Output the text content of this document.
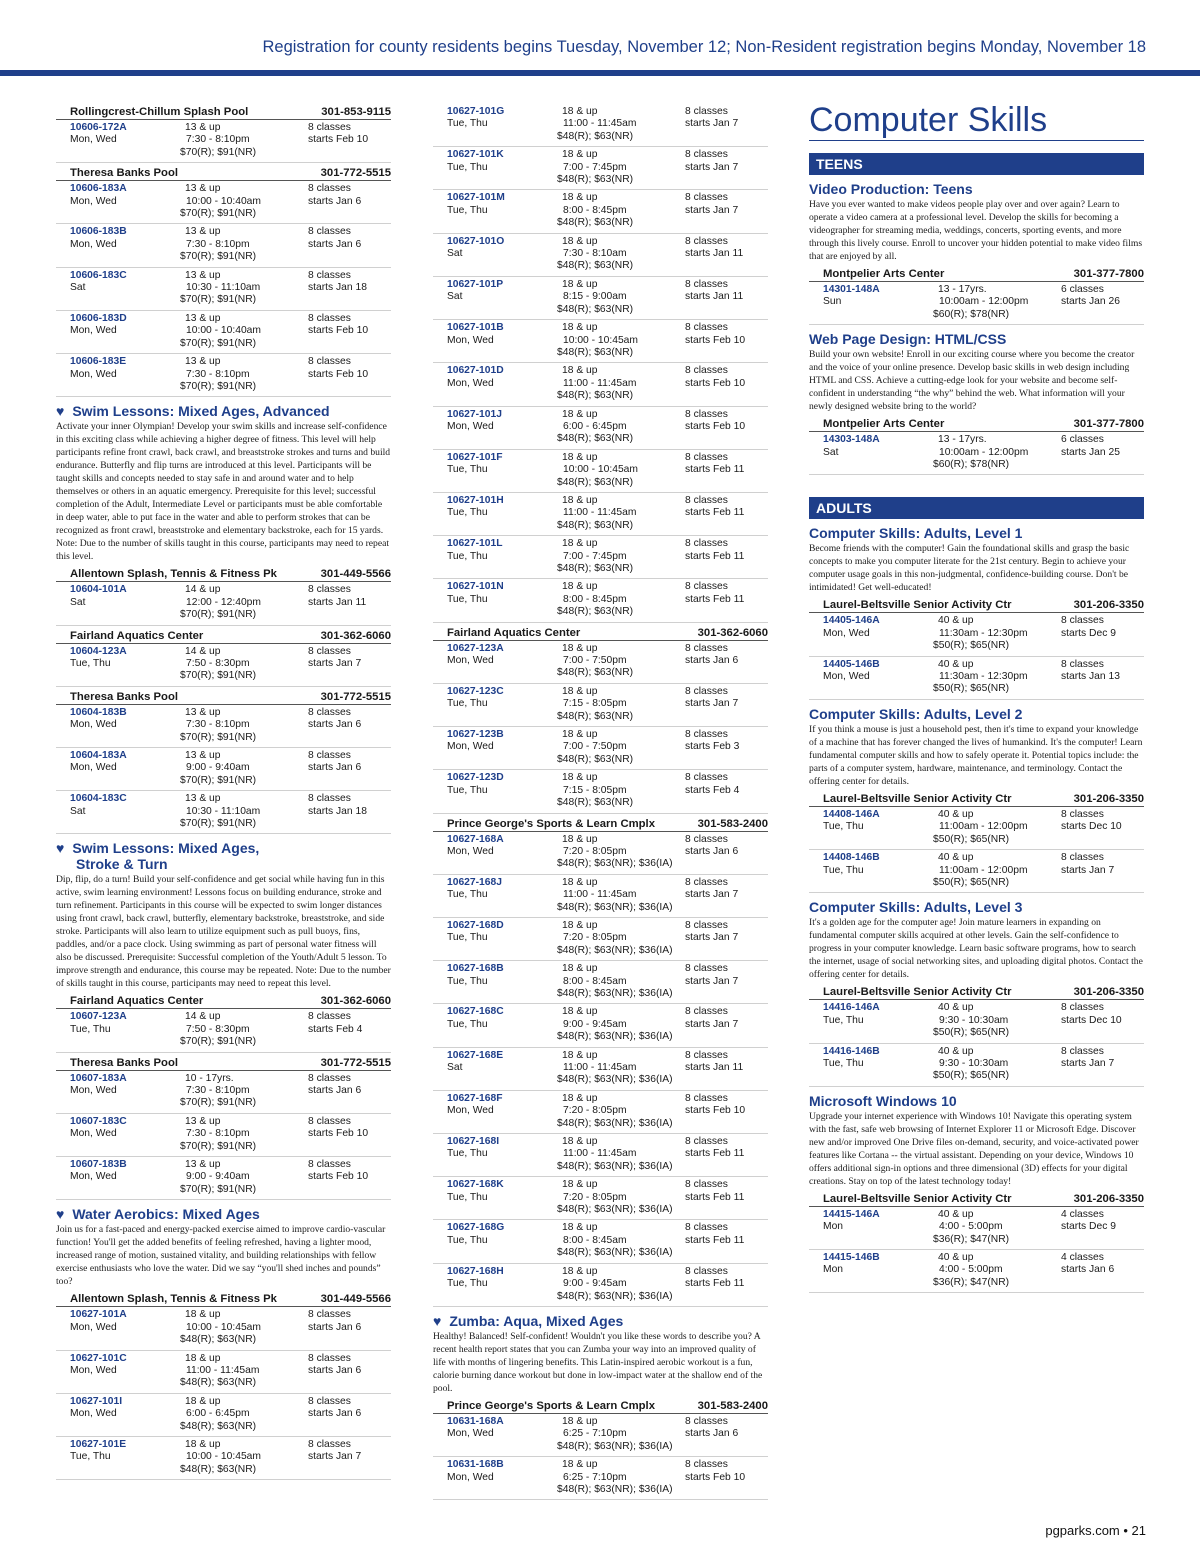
Registration for county residents begins Tuesday, November 12; Non-Resident registration begins Monday, November 18
Rollingcrest-Chillum Splash Pool	301-853-9115
10606-172A
Mon, Wed
13 & up
7:30 - 8:10pm
$70(R); $91(NR)
8 classes
starts Feb 10
Theresa Banks Pool	301-772-5515
10606-183A
Mon, Wed
13 & up
10:00 - 10:40am
$70(R); $91(NR)
8 classes
starts Jan 6
10606-183B
Mon, Wed
13 & up
7:30 - 8:10pm
$70(R); $91(NR)
8 classes
starts Jan 6
10606-183C
Sat
13 & up
10:30 - 11:10am
$70(R); $91(NR)
8 classes
starts Jan 18
10606-183D
Mon, Wed
13 & up
10:00 - 10:40am
$70(R); $91(NR)
8 classes
starts Feb 10
10606-183E
Mon, Wed
13 & up
7:30 - 8:10pm
$70(R); $91(NR)
8 classes
starts Feb 10
♥ Swim Lessons: Mixed Ages, Advanced
Activate your inner Olympian! Develop your swim skills and increase self-confidence in this exciting class while achieving a higher degree of fitness. This level will help participants refine front crawl, back crawl, and breaststroke strokes and turns and build endurance. Butterfly and flip turns are introduced at this level. Participants will be taught skills and concepts needed to stay safe in and around water and to help themselves or others in an aquatic emergency. Prerequisite for this level; successful completion of the Adult, Intermediate Level or participants must be able comfortable in deep water, able to put face in the water and able to perform strokes that can be recognized as front crawl, breaststroke and elementary backstroke, each for 15 yards. Note: Due to the number of skills taught in this course, participants may need to repeat this level.
Allentown Splash, Tennis & Fitness Pk	301-449-5566
10604-101A
Sat
14 & up
12:00 - 12:40pm
$70(R); $91(NR)
8 classes
starts Jan 11
Fairland Aquatics Center	301-362-6060
10604-123A
Tue, Thu
14 & up
7:50 - 8:30pm
$70(R); $91(NR)
8 classes
starts Jan 7
Theresa Banks Pool	301-772-5515
10604-183B
Mon, Wed
13 & up
7:30 - 8:10pm
$70(R); $91(NR)
8 classes
starts Jan 6
10604-183A
Mon, Wed
13 & up
9:00 - 9:40am
$70(R); $91(NR)
8 classes
starts Jan 6
10604-183C
Sat
13 & up
10:30 - 11:10am
$70(R); $91(NR)
8 classes
starts Jan 18
♥ Swim Lessons: Mixed Ages,
Stroke & Turn
Dip, flip, do a turn! Build your self-confidence and get social while having fun in this active, swim learning environment! Lessons focus on building endurance, stroke and turn refinement. Participants in this course will be expected to swim longer distances using front crawl, back crawl, butterfly, elementary backstroke, breaststroke, and side stroke. Participants will also learn to utilize equipment such as pull buoys, fins, paddles, and/or a pace clock. Using swimming as part of personal water fitness will also be discussed. Prerequisite: Successful completion of the Youth/Adult 5 lesson. To improve strength and endurance, this course may be repeated. Note: Due to the number of skills taught in this course, participants may need to repeat this level.
Fairland Aquatics Center	301-362-6060
10607-123A
Tue, Thu
14 & up
7:50 - 8:30pm
$70(R); $91(NR)
8 classes
starts Feb 4
Theresa Banks Pool	301-772-5515
10607-183A
Mon, Wed
10 - 17yrs.
7:30 - 8:10pm
$70(R); $91(NR)
8 classes
starts Jan 6
10607-183C
Mon, Wed
13 & up
7:30 - 8:10pm
$70(R); $91(NR)
8 classes
starts Feb 10
10607-183B
Mon, Wed
13 & up
9:00 - 9:40am
$70(R); $91(NR)
8 classes
starts Feb 10
♥ Water Aerobics: Mixed Ages
Join us for a fast-paced and energy-packed exercise aimed to improve cardio-vascular function! You'll get the added benefits of feeling refreshed, having a lighter mood, increased range of motion, sustained vitality, and building relationships with fellow exercise enthusiasts who love the water. Did we say “you'll shed inches and pounds” too?
Allentown Splash, Tennis & Fitness Pk	301-449-5566
10627-101A
Mon, Wed
18 & up
10:00 - 10:45am
$48(R); $63(NR)
8 classes
starts Jan 6
10627-101C
Mon, Wed
18 & up
11:00 - 11:45am
$48(R); $63(NR)
8 classes
starts Jan 6
10627-101I
Mon, Wed
18 & up
6:00 - 6:45pm
$48(R); $63(NR)
8 classes
starts Jan 6
10627-101E
Tue, Thu
18 & up
10:00 - 10:45am
$48(R); $63(NR)
8 classes
starts Jan 7
10627-101G
Tue, Thu
18 & up
11:00 - 11:45am
$48(R); $63(NR)
8 classes
starts Jan 7
10627-101K
Tue, Thu
18 & up
7:00 - 7:45pm
$48(R); $63(NR)
8 classes
starts Jan 7
10627-101M
Tue, Thu
18 & up
8:00 - 8:45pm
$48(R); $63(NR)
8 classes
starts Jan 7
10627-101O
Sat
18 & up
7:30 - 8:10am
$48(R); $63(NR)
8 classes
starts Jan 11
10627-101P
Sat
18 & up
8:15 - 9:00am
$48(R); $63(NR)
8 classes
starts Jan 11
10627-101B
Mon, Wed
18 & up
10:00 - 10:45am
$48(R); $63(NR)
8 classes
starts Feb 10
10627-101D
Mon, Wed
18 & up
11:00 - 11:45am
$48(R); $63(NR)
8 classes
starts Feb 10
10627-101J
Mon, Wed
18 & up
6:00 - 6:45pm
$48(R); $63(NR)
8 classes
starts Feb 10
10627-101F
Tue, Thu
18 & up
10:00 - 10:45am
$48(R); $63(NR)
8 classes
starts Feb 11
10627-101H
Tue, Thu
18 & up
11:00 - 11:45am
$48(R); $63(NR)
8 classes
starts Feb 11
10627-101L
Tue, Thu
18 & up
7:00 - 7:45pm
$48(R); $63(NR)
8 classes
starts Feb 11
10627-101N
Tue, Thu
18 & up
8:00 - 8:45pm
$48(R); $63(NR)
8 classes
starts Feb 11
Fairland Aquatics Center	301-362-6060
10627-123A
Mon, Wed
18 & up
7:00 - 7:50pm
$48(R); $63(NR)
8 classes
starts Jan 6
10627-123C
Tue, Thu
18 & up
7:15 - 8:05pm
$48(R); $63(NR)
8 classes
starts Jan 7
10627-123B
Mon, Wed
18 & up
7:00 - 7:50pm
$48(R); $63(NR)
8 classes
starts Feb 3
10627-123D
Tue, Thu
18 & up
7:15 - 8:05pm
$48(R); $63(NR)
8 classes
starts Feb 4
Prince George's Sports & Learn Cmplx	301-583-2400
10627-168A
Mon, Wed
18 & up
7:20 - 8:05pm
$48(R); $63(NR); $36(IA)
8 classes
starts Jan 6
10627-168J
Tue, Thu
18 & up
11:00 - 11:45am
$48(R); $63(NR); $36(IA)
8 classes
starts Jan 7
10627-168D
Tue, Thu
18 & up
7:20 - 8:05pm
$48(R); $63(NR); $36(IA)
8 classes
starts Jan 7
10627-168B
Tue, Thu
18 & up
8:00 - 8:45am
$48(R); $63(NR); $36(IA)
8 classes
starts Jan 7
10627-168C
Tue, Thu
18 & up
9:00 - 9:45am
$48(R); $63(NR); $36(IA)
8 classes
starts Jan 7
10627-168E
Sat
18 & up
11:00 - 11:45am
$48(R); $63(NR); $36(IA)
8 classes
starts Jan 11
10627-168F
Mon, Wed
18 & up
7:20 - 8:05pm
$48(R); $63(NR); $36(IA)
8 classes
starts Feb 10
10627-168I
Tue, Thu
18 & up
11:00 - 11:45am
$48(R); $63(NR); $36(IA)
8 classes
starts Feb 11
10627-168K
Tue, Thu
18 & up
7:20 - 8:05pm
$48(R); $63(NR); $36(IA)
8 classes
starts Feb 11
10627-168G
Tue, Thu
18 & up
8:00 - 8:45am
$48(R); $63(NR); $36(IA)
8 classes
starts Feb 11
10627-168H
Tue, Thu
18 & up
9:00 - 9:45am
$48(R); $63(NR); $36(IA)
8 classes
starts Feb 11
♥ Zumba: Aqua, Mixed Ages
Healthy! Balanced! Self-confident! Wouldn't you like these words to describe you? A recent health report states that you can Zumba your way into an improved quality of life with months of lingering benefits. This Latin-inspired aerobic workout is a fun, calorie burning dance workout but done in low-impact water at the shallow end of the pool.
Prince George's Sports & Learn Cmplx	301-583-2400
10631-168A
Mon, Wed
18 & up
6:25 - 7:10pm
$48(R); $63(NR); $36(IA)
8 classes
starts Jan 6
10631-168B
Mon, Wed
18 & up
6:25 - 7:10pm
$48(R); $63(NR); $36(IA)
8 classes
starts Feb 10
Computer Skills
TEENS
Video Production: Teens
Have you ever wanted to make videos people play over and over again? Learn to operate a video camera at a professional level. Develop the skills for becoming a videographer for streaming media, weddings, concerts, sporting events, and more through this lively course. Enroll to uncover your hidden potential to make video films that are enjoyed by all.
Montpelier Arts Center	301-377-7800
14301-148A
Sun
13 - 17yrs.
10:00am - 12:00pm
$60(R); $78(NR)
6 classes
starts Jan 26
Web Page Design: HTML/CSS
Build your own website! Enroll in our exciting course where you become the creator and the voice of your online presence. Develop basic skills in web design including HTML and CSS. Achieve a cutting-edge look for your website and become self-confident in understanding “the why” behind the web. What information will your newly designed website bring to the world?
Montpelier Arts Center	301-377-7800
14303-148A
Sat
13 - 17yrs.
10:00am - 12:00pm
$60(R); $78(NR)
6 classes
starts Jan 25
ADULTS
Computer Skills: Adults, Level 1
Become friends with the computer! Gain the foundational skills and grasp the basic concepts to make you computer literate for the 21st century. Begin to achieve your computer usage goals in this non-judgmental, confidence-building course. Don't be intimidated! Get well-educated!
Laurel-Beltsville Senior Activity Ctr	301-206-3350
14405-146A
Mon, Wed
40 & up
11:30am - 12:30pm
$50(R); $65(NR)
8 classes
starts Dec 9
14405-146B
Mon, Wed
40 & up
11:30am - 12:30pm
$50(R); $65(NR)
8 classes
starts Jan 13
Computer Skills: Adults, Level 2
If you think a mouse is just a household pest, then it's time to expand your knowledge of a machine that has forever changed the lives of humankind. It's the computer! Learn fundamental computer skills and how to safely operate it. Potential topics include: the parts of a computer system, hardware, maintenance, and terminology. Contact the offering center for details.
Laurel-Beltsville Senior Activity Ctr	301-206-3350
14408-146A
Tue, Thu
40 & up
11:00am - 12:00pm
$50(R); $65(NR)
8 classes
starts Dec 10
14408-146B
Tue, Thu
40 & up
11:00am - 12:00pm
$50(R); $65(NR)
8 classes
starts Jan 7
Computer Skills: Adults, Level 3
It's a golden age for the computer age! Join mature learners in expanding on fundamental computer skills acquired at other levels. Gain the self-confidence to progress in your computer knowledge. Learn basic software programs, how to search the internet, usage of social networking sites, and uploading digital photos. Contact the offering center for details.
Laurel-Beltsville Senior Activity Ctr	301-206-3350
14416-146A
Tue, Thu
40 & up
9:30 - 10:30am
$50(R); $65(NR)
8 classes
starts Dec 10
14416-146B
Tue, Thu
40 & up
9:30 - 10:30am
$50(R); $65(NR)
8 classes
starts Jan 7
Microsoft Windows 10
Upgrade your internet experience with Windows 10! Navigate this operating system with the fast, safe web browsing of Internet Explorer 11 or Microsoft Edge. Discover new and/or improved One Drive files on-demand, security, and voice-activated power features like Cortana -- the virtual assistant. Depending on your device, Windows 10 offers additional sign-in options and three dimensional (3D) effects for your digital creations. Stay on top of the latest technology today!
Laurel-Beltsville Senior Activity Ctr	301-206-3350
14415-146A
Mon
40 & up
4:00 - 5:00pm
$36(R); $47(NR)
4 classes
starts Dec 9
14415-146B
Mon
40 & up
4:00 - 5:00pm
$36(R); $47(NR)
4 classes
starts Jan 6
pgparks.com • 21
